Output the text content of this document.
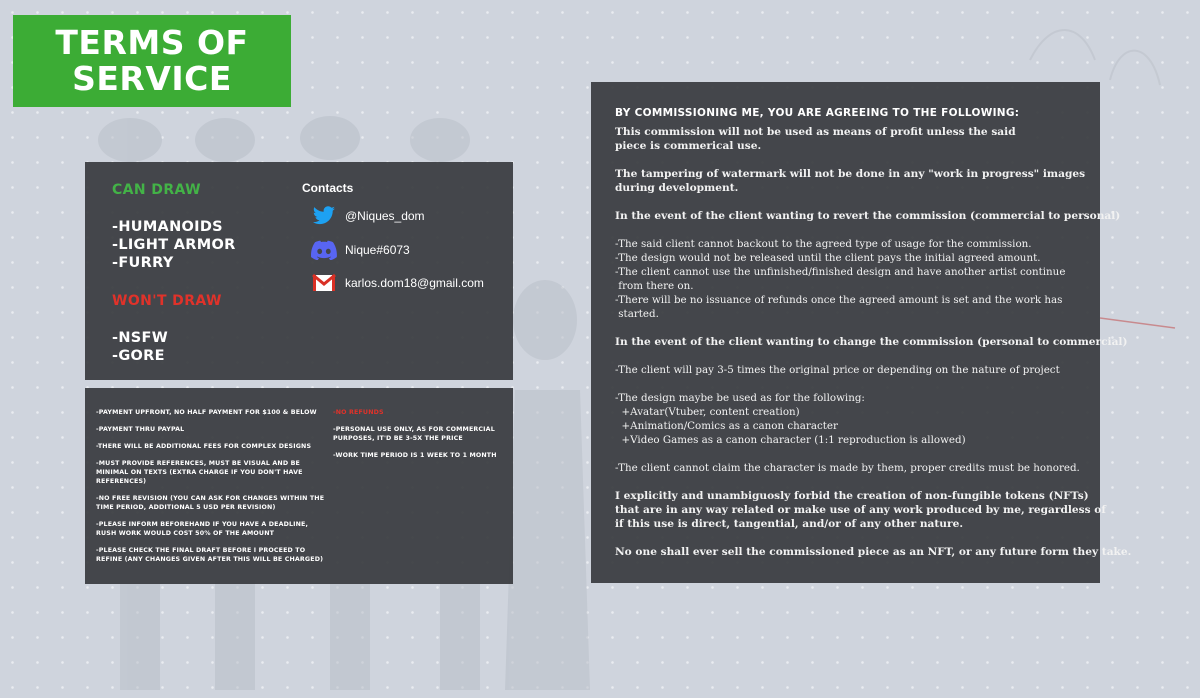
TERMS OF
SERVICE
CAN DRAW
-HUMANOIDS
-LIGHT ARMOR
-FURRY
WON'T DRAW
-NSFW
-GORE
Contacts
@Niques_dom
Nique#6073
karlos.dom18@gmail.com
-PAYMENT UPFRONT, NO HALF PAYMENT FOR $100 & BELOW
-PAYMENT THRU PAYPAL
-THERE WILL BE ADDITIONAL FEES FOR COMPLEX DESIGNS
-MUST PROVIDE REFERENCES, MUST BE VISUAL AND BE MINIMAL ON TEXTS (EXTRA CHARGE IF YOU DON'T HAVE REFERENCES)
-NO FREE REVISION (YOU CAN ASK FOR CHANGES WITHIN THE TIME PERIOD, ADDITIONAL 5 USD PER REVISION)
-PLEASE INFORM BEFOREHAND IF YOU HAVE A DEADLINE, RUSH WORK WOULD COST 50% OF THE AMOUNT
-PLEASE CHECK THE FINAL DRAFT BEFORE I PROCEED TO REFINE (ANY CHANGES GIVEN AFTER THIS WILL BE CHARGED)
-NO REFUNDS
-PERSONAL USE ONLY, AS FOR COMMERCIAL PURPOSES, IT'D BE 3-5X THE PRICE
-WORK TIME PERIOD IS 1 WEEK TO 1 MONTH
BY COMMISSIONING ME, YOU ARE AGREEING TO THE FOLLOWING:

This commission will not be used as means of profit unless the said

piece is commerical use.

The tampering of watermark will not be done in any "work in progress" images

during development.

In the event of the client wanting to revert the commission (commercial to personal)

-The said client cannot backout to the agreed type of usage for the commission.

-The design would not be released until the client pays the initial agreed amount.

-The client cannot use the unfinished/finished design and have another artist continue

from there on.

-There will be no issuance of refunds once the agreed amount is set and the work has

started.

In the event of the client wanting to change the commission (personal to commercial)

-The client will pay 3-5 times the original price or depending on the nature of project

-The design maybe be used as for the following:

+Avatar(Vtuber, content creation)

+Animation/Comics as a canon character

+Video Games as a canon character (1:1 reproduction is allowed)

-The client cannot claim the character is made by them, proper credits must be honored.

I explicitly and unambiguosly forbid the creation of non-fungible tokens (NFTs)

that are in any way related or make use of any work produced by me, regardless of

if this use is direct, tangential, and/or of any other nature.

No one shall ever sell the commissioned piece as an NFT, or any future form they take.
